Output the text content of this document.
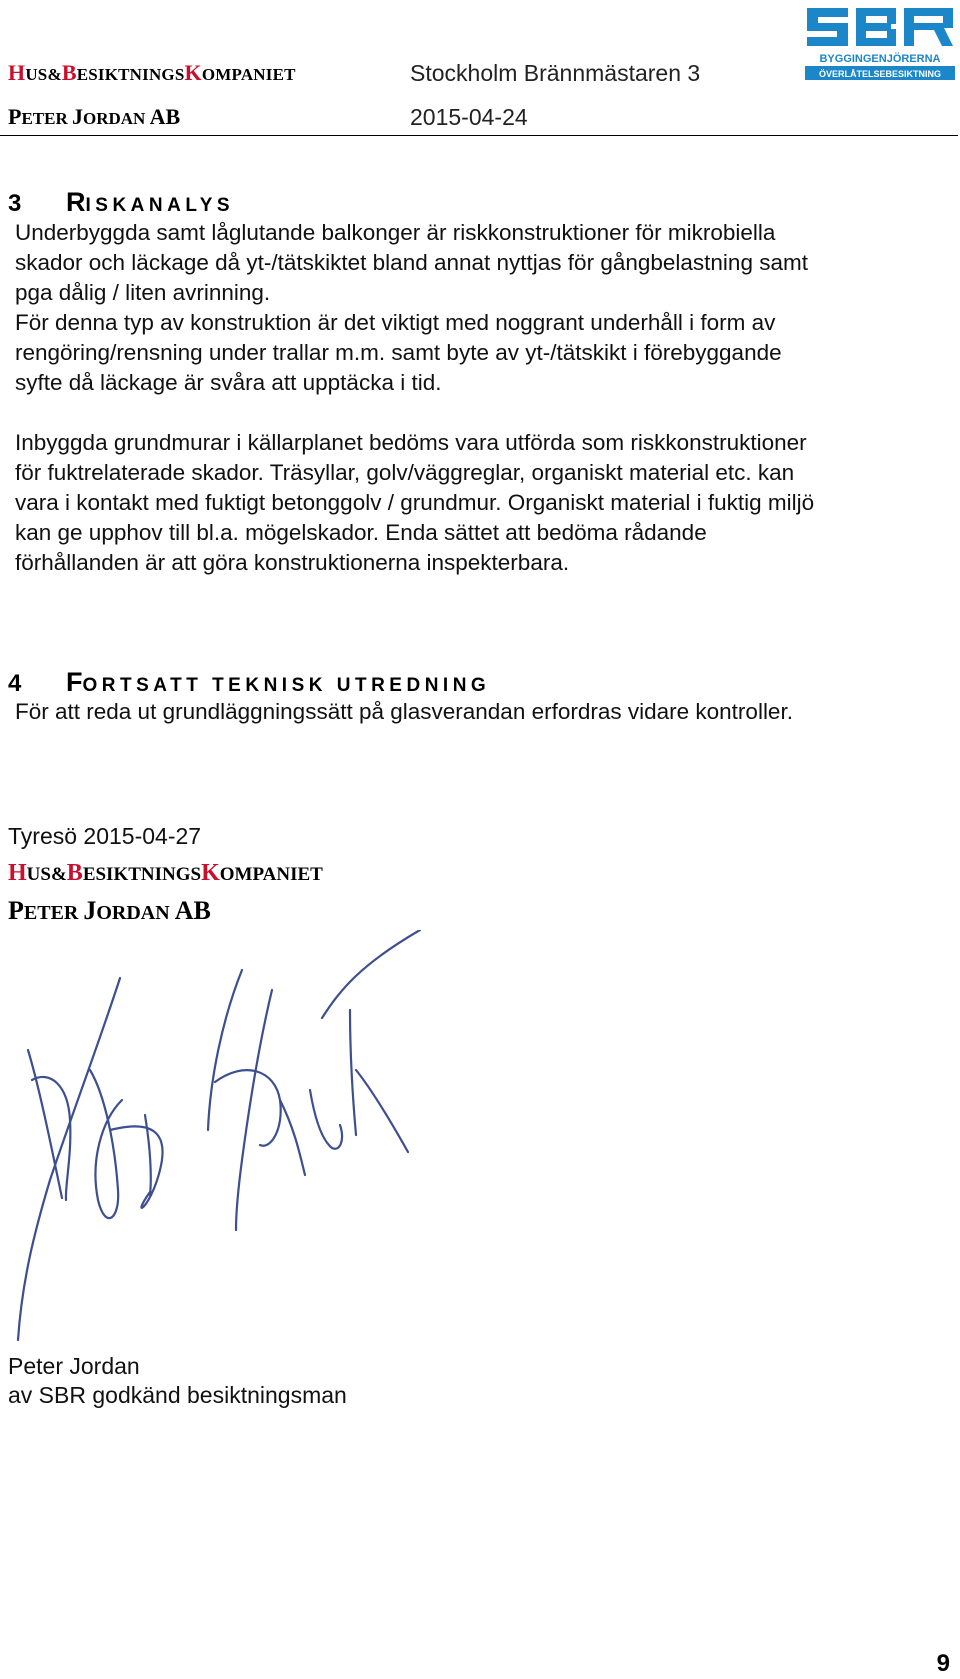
HUS&BESIKTNINGSKOMPANIET
PETER JORDAN AB
Stockholm Brännmästaren 3
2015-04-24
BYGGINGENJÖRERNA
ÖVERLÅTELSEBESIKTNING
3 RISKANALYS
Underbyggda samt låglutande balkonger är riskkonstruktioner för mikrobiella
skador och läckage då yt-/tätskiktet bland annat nyttjas för gångbelastning samt
pga dålig / liten avrinning.
För denna typ av konstruktion är det viktigt med noggrant underhåll i form av
rengöring/rensning under trallar m.m. samt byte av yt-/tätskikt i förebyggande
syfte då läckage är svåra att upptäcka i tid.
Inbyggda grundmurar i källarplanet bedöms vara utförda som riskkonstruktioner
för fuktrelaterade skador. Träsyllar, golv/väggreglar, organiskt material etc. kan
vara i kontakt med fuktigt betonggolv / grundmur. Organiskt material i fuktig miljö
kan ge upphov till bl.a. mögelskador. Enda sättet att bedöma rådande
förhållanden är att göra konstruktionerna inspekterbara.
4 FORTSATT TEKNISK UTREDNING
För att reda ut grundläggningssätt på glasverandan erfordras vidare kontroller.
Tyresö 2015-04-27
HUS&BESIKTNINGSKOMPANIET
PETER JORDAN AB
Peter Jordan
av SBR godkänd besiktningsman
9
